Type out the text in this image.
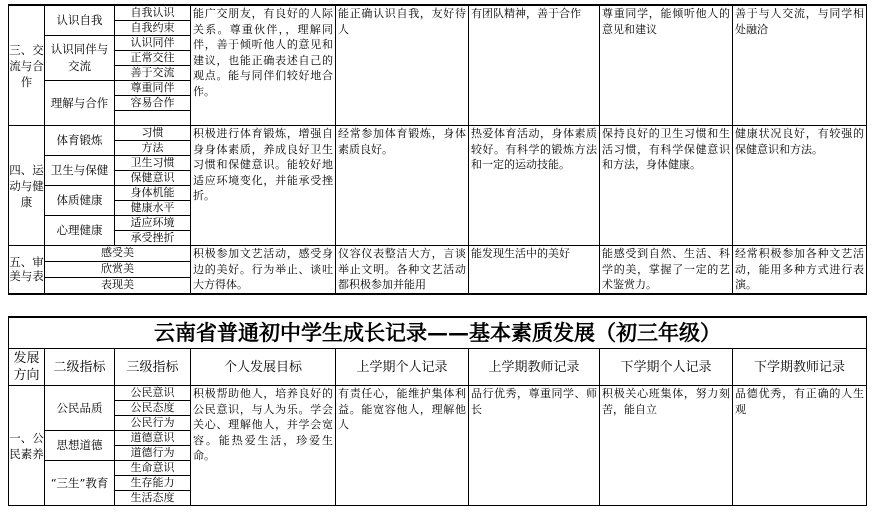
三、交流与合作	认识自我	自我认识	能广交朋友，有良好的人际关系。尊重伙伴，，理解同伴，善于倾听他人的意见和建议，也能正确表述自己的观点。能与同伴们较好地合作。	能正确认识自我，友好待人	有团队精神，善于合作	尊重同学，能倾听他人的意见和建议	善于与人交流，与同学相处融洽
		自我约束					
	认识同伴与交流	认识同伴					
		正常交往					
		善于交流					
	理解与合作	尊重同伴					
		容易合作					

四、运动与健康	体育锻炼	习惯	积极进行体育锻炼，增强自身身体素质，养成良好卫生习惯和保健意识。能较好地适应环境变化，并能承受挫折。	经常参加体育锻炼，身体素质良好。	热爱体育活动，身体素质较好。有科学的锻炼方法和一定的运动技能。	保持良好的卫生习惯和生活习惯，有科学保健意识和方法，身体健康。	健康状况良好，有较强的保健意识和方法。
		方法					
	卫生与保健	卫生习惯					
		保健意识					
	体质健康	身体机能					
		健康水平					
	心理健康	适应环境					
		承受挫折					
五、审美与表	感受美		积极参加文艺活动，感受身边的美好。行为举止、谈吐大方得体。	仪容仪表整洁大方，言谈举止文明。各种文艺活动都积极参加并能用	能发现生活中的美好	能感受到自然、生活、科学的美，掌握了一定的艺术鉴赏力。	经常积极参加各种文艺活动，能用多种方式进行表演。
	欣赏美						
	表现美						
云南省普通初中学生成长记录——基本素质发展（初三年级）							
发展方向	二级指标	三级指标	个人发展目标	上学期个人记录	上学期教师记录	下学期个人记录	下学期教师记录
一、公民素养	公民品质	公民意识	积极帮助他人，培养良好的公民意识，与人为乐。学会关心、理解他人，并学会宽容。能热爱生活，珍爱生命。	有责任心，能维护集体利益。能宽容他人，理解他人	品行优秀，尊重同学、师长	积极关心班集体，努力刻苦，能自立	品德优秀，有正确的人生观
		公民态度					
		公民行为					
	思想道德	道德意识					
		道德行为					
	“三生”教育	生命意识					
		生存能力					
		生活态度					
